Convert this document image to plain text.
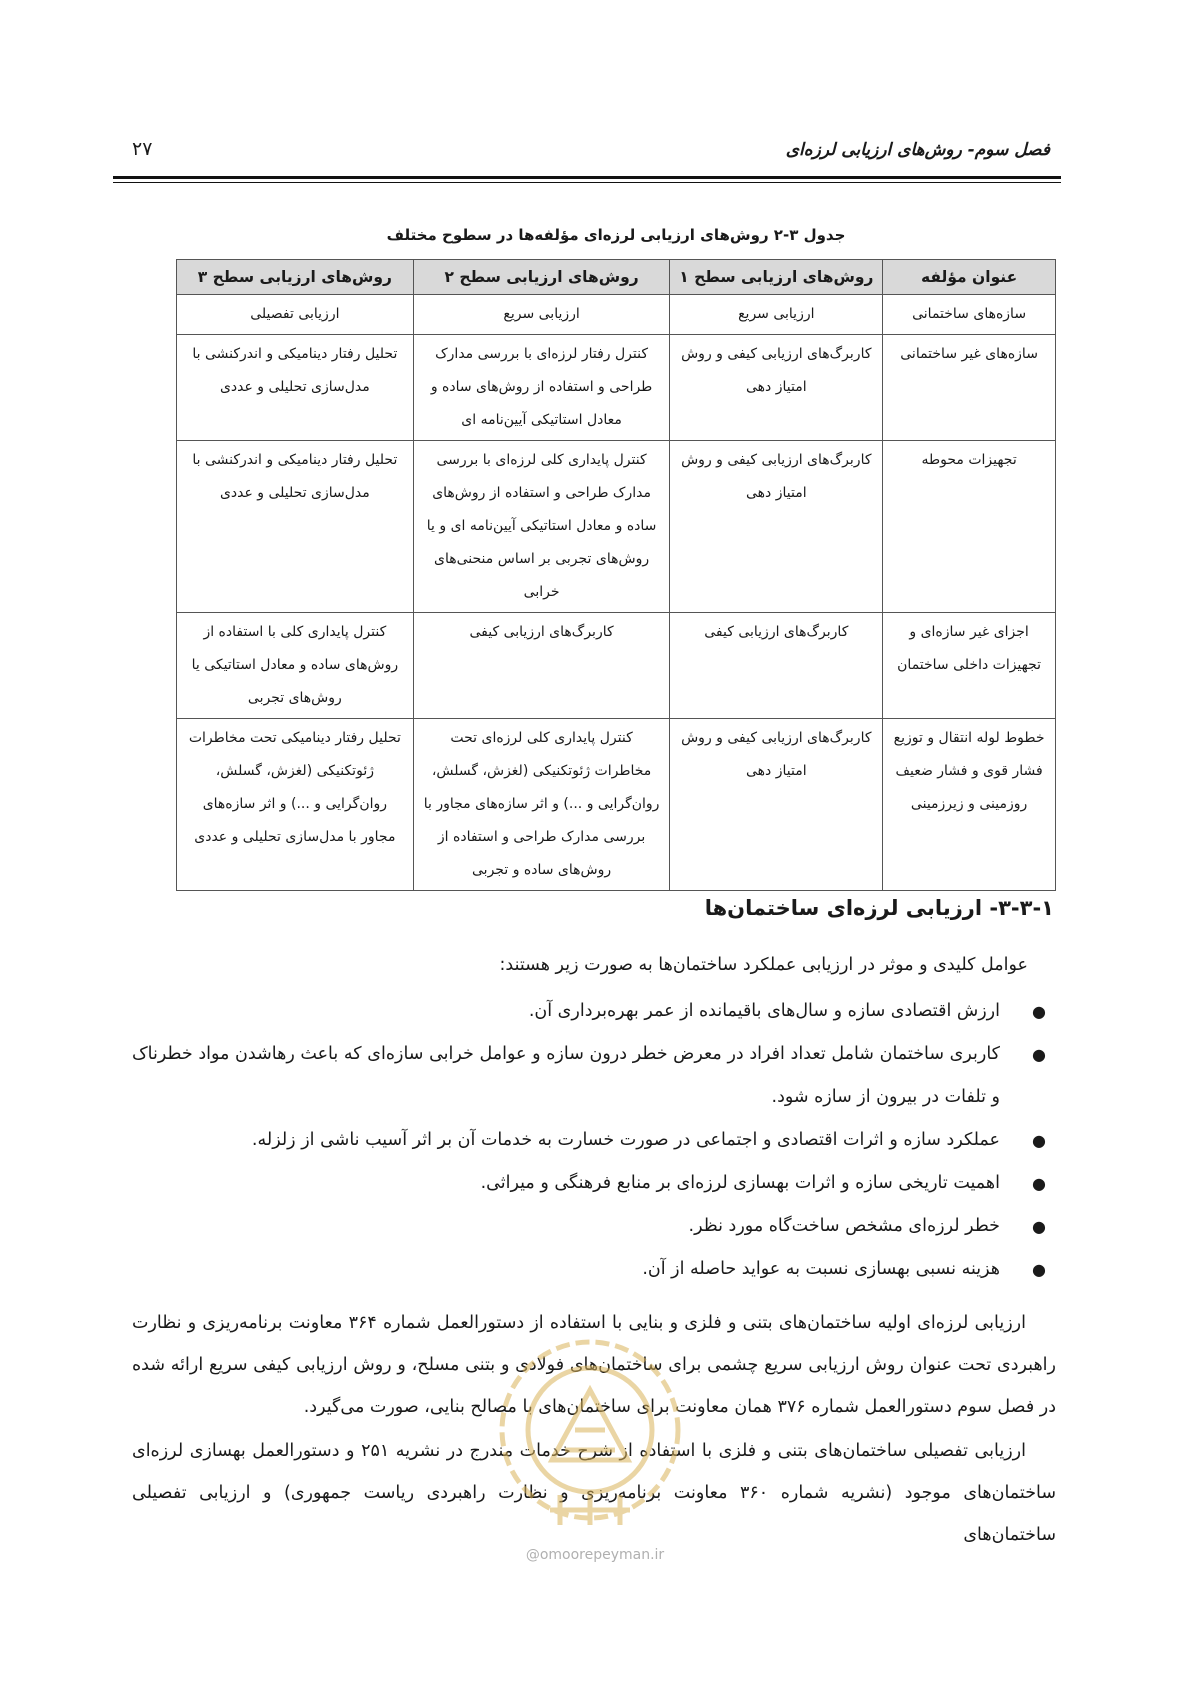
فصل سوم- روش‌های ارزیابی لرزه‌ای
۲۷
جدول ۳-۲ روش‌های ارزیابی لرزه‌ای مؤلفه‌ها در سطوح مختلف
عنوان مؤلفه	روش‌های ارزیابی سطح ۱	روش‌های ارزیابی سطح ۲	روش‌های ارزیابی سطح ۳
سازه‌های ساختمانی	ارزیابی سریع	ارزیابی سریع	ارزیابی تفصیلی
سازه‌های غیر ساختمانی	کاربرگ‌های ارزیابی کیفی و روش امتیاز دهی	کنترل رفتار لرزه‌ای با بررسی مدارک طراحی و استفاده از روش‌های ساده و معادل استاتیکی آیین‌نامه ای	تحلیل رفتار دینامیکی و اندرکنشی با مدل‌سازی تحلیلی و عددی
تجهیزات محوطه	کاربرگ‌های ارزیابی کیفی و روش امتیاز دهی	کنترل پایداری کلی لرزه‌ای با بررسی مدارک طراحی و استفاده از روش‌های ساده و معادل استاتیکی آیین‌نامه ای و یا روش‌های تجربی بر اساس منحنی‌های خرابی	تحلیل رفتار دینامیکی و اندرکنشی با مدل‌سازی تحلیلی و عددی
اجزای غیر سازه‌ای و تجهیزات داخلی ساختمان	کاربرگ‌های ارزیابی کیفی	کاربرگ‌های ارزیابی کیفی	کنترل پایداری کلی با استفاده از روش‌های ساده و معادل استاتیکی یا روش‌های تجربی
خطوط لوله انتقال و توزیع فشار قوی و فشار ضعیف روزمینی و زیرزمینی	کاربرگ‌های ارزیابی کیفی و روش امتیاز دهی	کنترل پایداری کلی لرزه‌ای تحت مخاطرات ژئوتکنیکی (لغزش، گسلش، روان‌گرایی و ...) و اثر سازه‌های مجاور با بررسی مدارک طراحی و استفاده از روش‌های ساده و تجربی	تحلیل رفتار دینامیکی تحت مخاطرات ژئوتکنیکی (لغزش، گسلش، روان‌گرایی و ...) و اثر سازه‌های مجاور با مدل‌سازی تحلیلی و عددی
۳-۳-۱- ارزیابی لرزه‌ای ساختمان‌ها
عوامل کلیدی و موثر در ارزیابی عملکرد ساختمان‌ها به صورت زیر هستند:
●
ارزش اقتصادی سازه و سال‌های باقیمانده از عمر بهره‌برداری آن.
●
کاربری ساختمان شامل تعداد افراد در معرض خطر درون سازه و عوامل خرابی سازه‌ای که باعث رهاشدن مواد خطرناک و تلفات در بیرون از سازه شود.
●
عملکرد سازه و اثرات اقتصادی و اجتماعی در صورت خسارت به خدمات آن بر اثر آسیب ناشی از زلزله.
●
اهمیت تاریخی سازه و اثرات بهسازی لرزه‌ای بر منابع فرهنگی و میراثی.
●
خطر لرزه‌ای مشخص ساخت‌گاه مورد نظر.
●
هزینه نسبی بهسازی نسبت به عواید حاصله از آن.
ارزیابی لرزه‌ای اولیه ساختمان‌های بتنی و فلزی و بنایی با استفاده از دستورالعمل شماره ۳۶۴ معاونت برنامه‌ریزی و نظارت راهبردی تحت عنوان روش ارزیابی سریع چشمی برای ساختمان‌های فولادی و بتنی مسلح، و روش ارزیابی کیفی سریع ارائه شده در فصل سوم دستورالعمل شماره ۳۷۶ همان معاونت برای ساختمان‌های با مصالح بنایی، صورت می‌گیرد.
ارزیابی تفصیلی ساختمان‌های بتنی و فلزی با استفاده از شرح خدمات مندرج در نشریه ۲۵۱ و دستورالعمل بهسازی لرزه‌ای ساختمان‌های موجود (نشریه شماره ۳۶۰ معاونت برنامه‌ریزی و نظارت راهبردی ریاست جمهوری) و ارزیابی تفصیلی ساختمان‌های
@omoorepeyman.ir
